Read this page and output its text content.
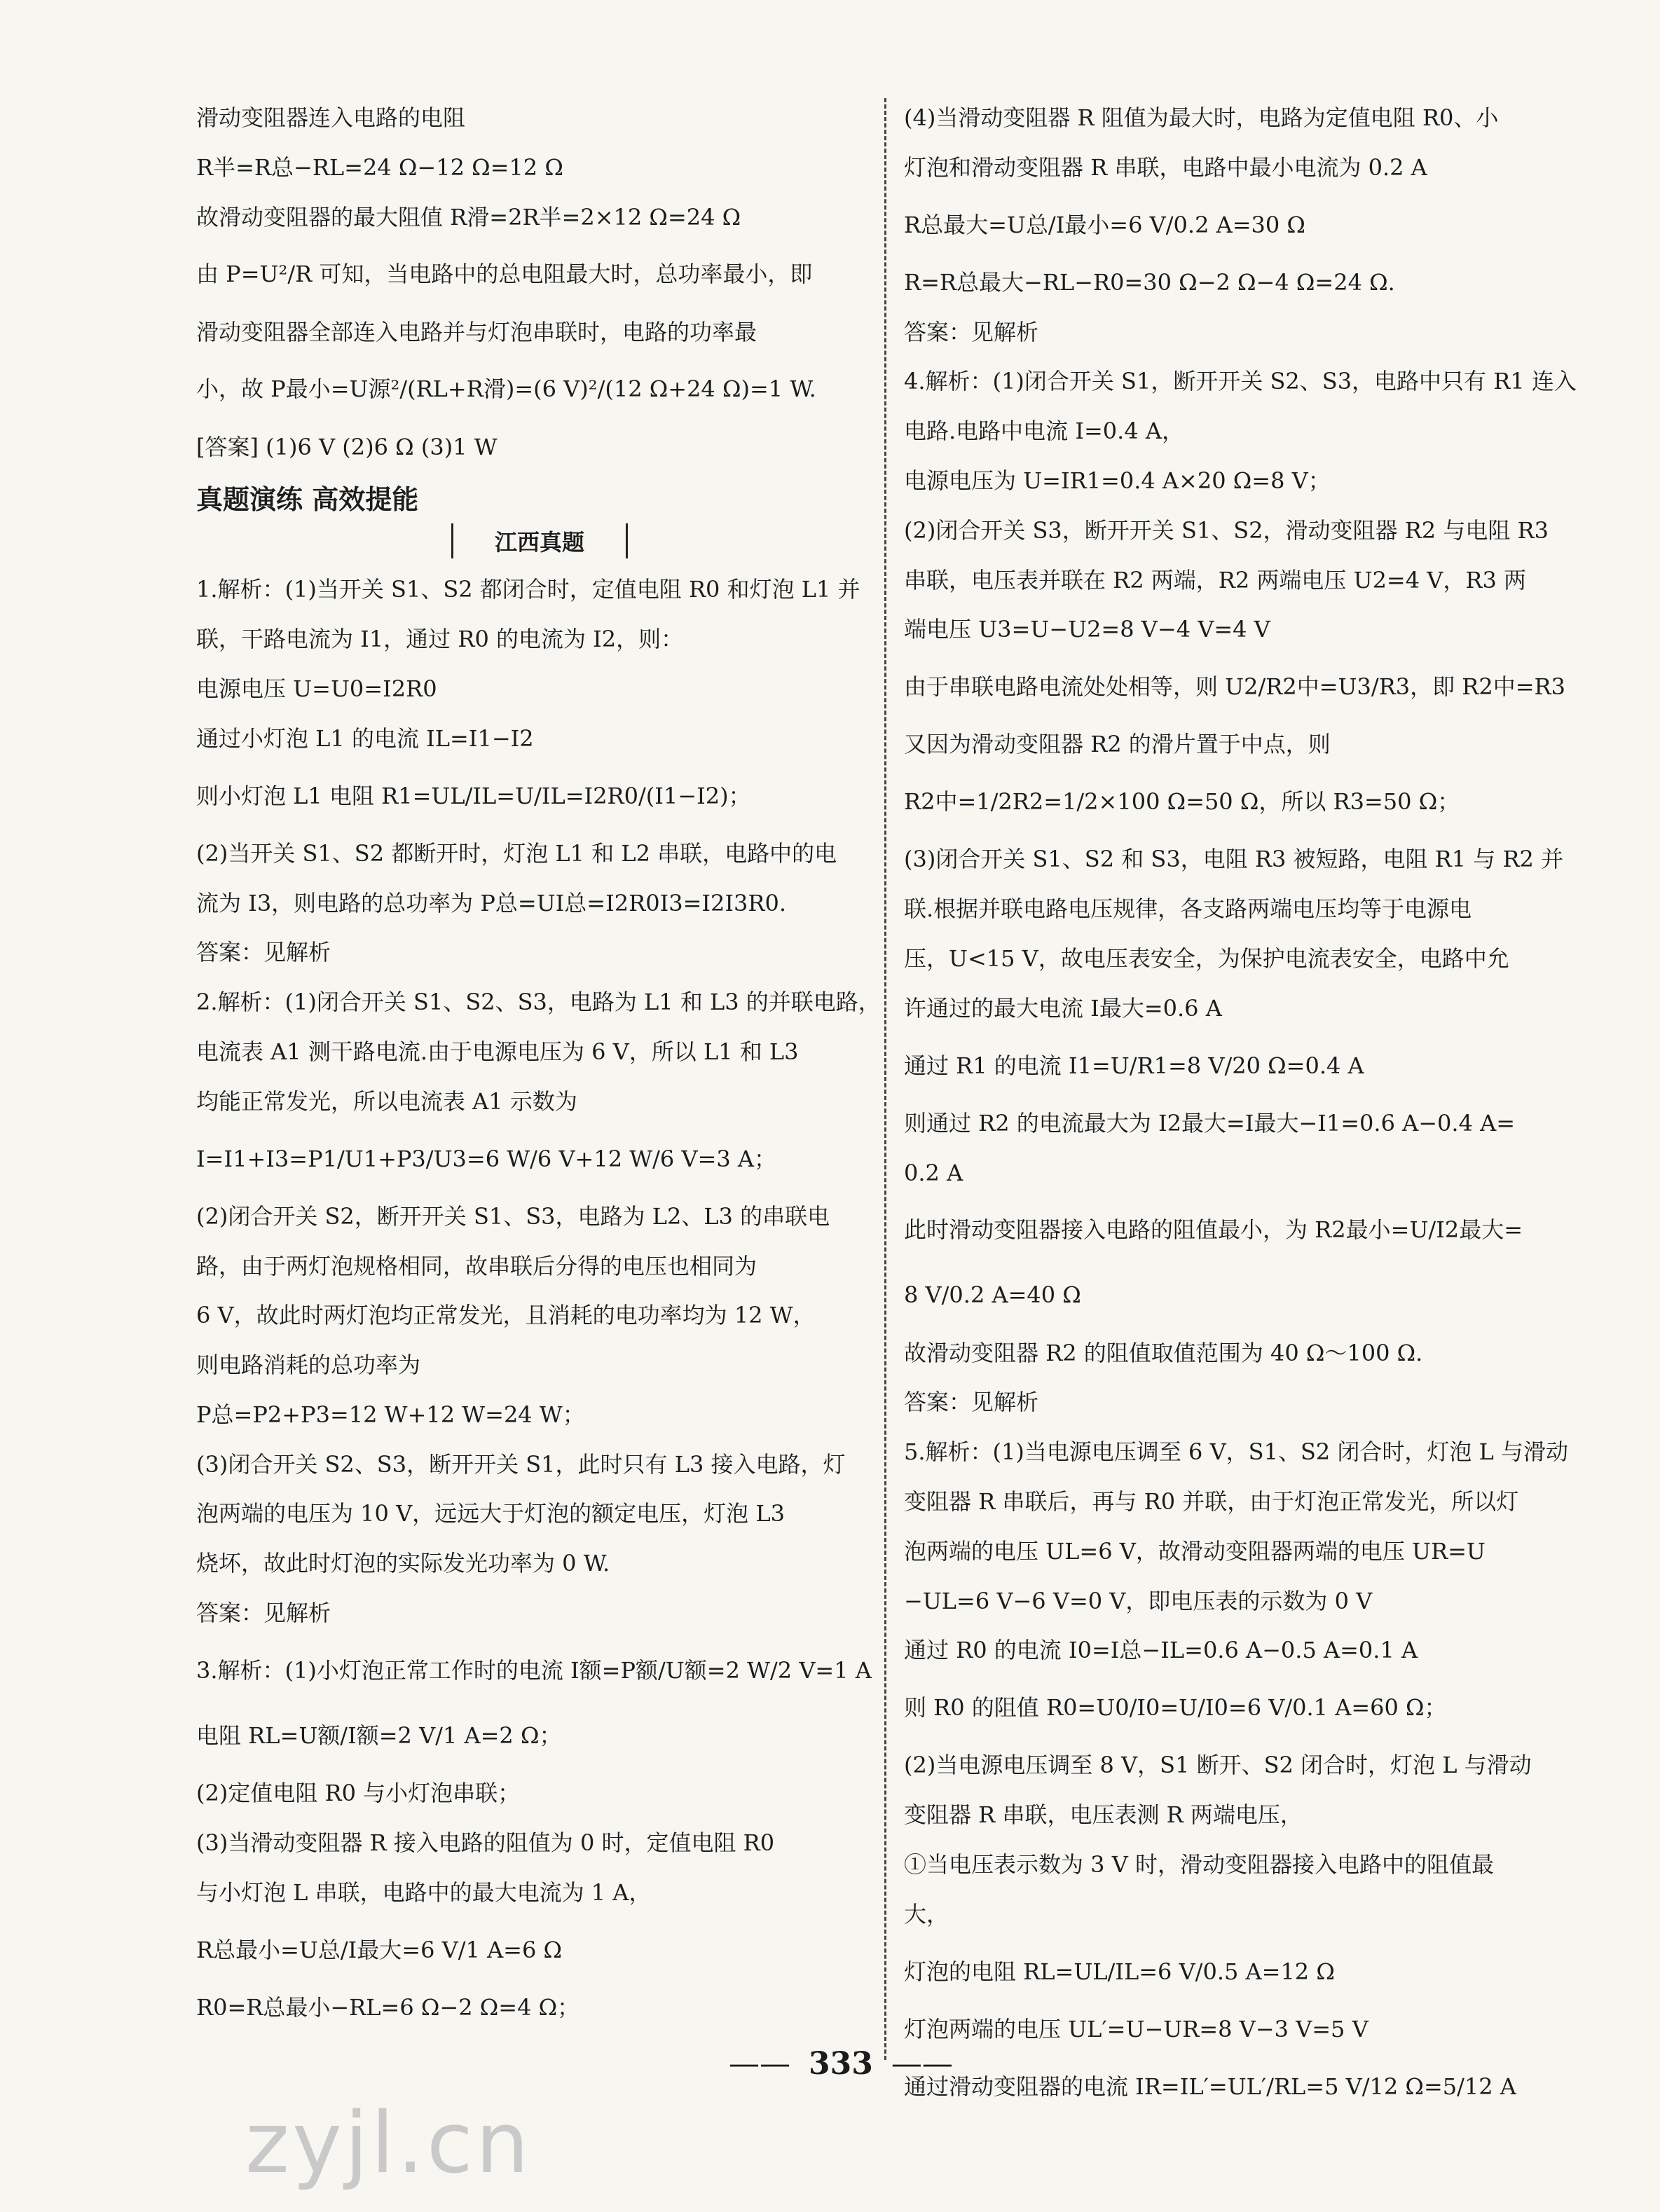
滑动变阻器连入电路的电阻
R半=R总−RL=24 Ω−12 Ω=12 Ω
故滑动变阻器的最大阻值 R滑=2R半=2×12 Ω=24 Ω
由 P=U²/R 可知，当电路中的总电阻最大时，总功率最小，即
滑动变阻器全部连入电路并与灯泡串联时，电路的功率最
小，故 P最小=U源²/(RL+R滑)=(6 V)²/(12 Ω+24 Ω)=1 W.
[答案] (1)6 V (2)6 Ω (3)1 W
真题演练 高效提能
江西真题
1.解析：(1)当开关 S1、S2 都闭合时，定值电阻 R0 和灯泡 L1 并
联，干路电流为 I1，通过 R0 的电流为 I2，则：
电源电压 U=U0=I2R0
通过小灯泡 L1 的电流 IL=I1−I2
则小灯泡 L1 电阻 R1=UL/IL=U/IL=I2R0/(I1−I2)；
(2)当开关 S1、S2 都断开时，灯泡 L1 和 L2 串联，电路中的电
流为 I3，则电路的总功率为 P总=UI总=I2R0I3=I2I3R0.
答案：见解析
2.解析：(1)闭合开关 S1、S2、S3，电路为 L1 和 L3 的并联电路，
电流表 A1 测干路电流.由于电源电压为 6 V，所以 L1 和 L3
均能正常发光，所以电流表 A1 示数为
I=I1+I3=P1/U1+P3/U3=6 W/6 V+12 W/6 V=3 A；
(2)闭合开关 S2，断开开关 S1、S3，电路为 L2、L3 的串联电
路，由于两灯泡规格相同，故串联后分得的电压也相同为
6 V，故此时两灯泡均正常发光，且消耗的电功率均为 12 W，
则电路消耗的总功率为
P总=P2+P3=12 W+12 W=24 W；
(3)闭合开关 S2、S3，断开开关 S1，此时只有 L3 接入电路，灯
泡两端的电压为 10 V，远远大于灯泡的额定电压，灯泡 L3
烧坏，故此时灯泡的实际发光功率为 0 W.
答案：见解析
3.解析：(1)小灯泡正常工作时的电流 I额=P额/U额=2 W/2 V=1 A
电阻 RL=U额/I额=2 V/1 A=2 Ω；
(2)定值电阻 R0 与小灯泡串联；
(3)当滑动变阻器 R 接入电路的阻值为 0 时，定值电阻 R0
与小灯泡 L 串联，电路中的最大电流为 1 A，
R总最小=U总/I最大=6 V/1 A=6 Ω
R0=R总最小−RL=6 Ω−2 Ω=4 Ω；
(4)当滑动变阻器 R 阻值为最大时，电路为定值电阻 R0、小
灯泡和滑动变阻器 R 串联，电路中最小电流为 0.2 A
R总最大=U总/I最小=6 V/0.2 A=30 Ω
R=R总最大−RL−R0=30 Ω−2 Ω−4 Ω=24 Ω.
答案：见解析
4.解析：(1)闭合开关 S1，断开开关 S2、S3，电路中只有 R1 连入
电路.电路中电流 I=0.4 A，
电源电压为 U=IR1=0.4 A×20 Ω=8 V；
(2)闭合开关 S3，断开开关 S1、S2，滑动变阻器 R2 与电阻 R3
串联，电压表并联在 R2 两端，R2 两端电压 U2=4 V，R3 两
端电压 U3=U−U2=8 V−4 V=4 V
由于串联电路电流处处相等，则 U2/R2中=U3/R3，即 R2中=R3
又因为滑动变阻器 R2 的滑片置于中点，则
R2中=1/2R2=1/2×100 Ω=50 Ω，所以 R3=50 Ω；
(3)闭合开关 S1、S2 和 S3，电阻 R3 被短路，电阻 R1 与 R2 并
联.根据并联电路电压规律，各支路两端电压均等于电源电
压，U<15 V，故电压表安全，为保护电流表安全，电路中允
许通过的最大电流 I最大=0.6 A
通过 R1 的电流 I1=U/R1=8 V/20 Ω=0.4 A
则通过 R2 的电流最大为 I2最大=I最大−I1=0.6 A−0.4 A=
0.2 A
此时滑动变阻器接入电路的阻值最小，为 R2最小=U/I2最大=
8 V/0.2 A=40 Ω
故滑动变阻器 R2 的阻值取值范围为 40 Ω～100 Ω.
答案：见解析
5.解析：(1)当电源电压调至 6 V，S1、S2 闭合时，灯泡 L 与滑动
变阻器 R 串联后，再与 R0 并联，由于灯泡正常发光，所以灯
泡两端的电压 UL=6 V，故滑动变阻器两端的电压 UR=U
−UL=6 V−6 V=0 V，即电压表的示数为 0 V
通过 R0 的电流 I0=I总−IL=0.6 A−0.5 A=0.1 A
则 R0 的阻值 R0=U0/I0=U/I0=6 V/0.1 A=60 Ω；
(2)当电源电压调至 8 V，S1 断开、S2 闭合时，灯泡 L 与滑动
变阻器 R 串联，电压表测 R 两端电压，
①当电压表示数为 3 V 时，滑动变阻器接入电路中的阻值最
大，
灯泡的电阻 RL=UL/IL=6 V/0.5 A=12 Ω
灯泡两端的电压 UL′=U−UR=8 V−3 V=5 V
通过滑动变阻器的电流 IR=IL′=UL′/RL=5 V/12 Ω=5/12 A
—— 333 ——
zyjl.cn
